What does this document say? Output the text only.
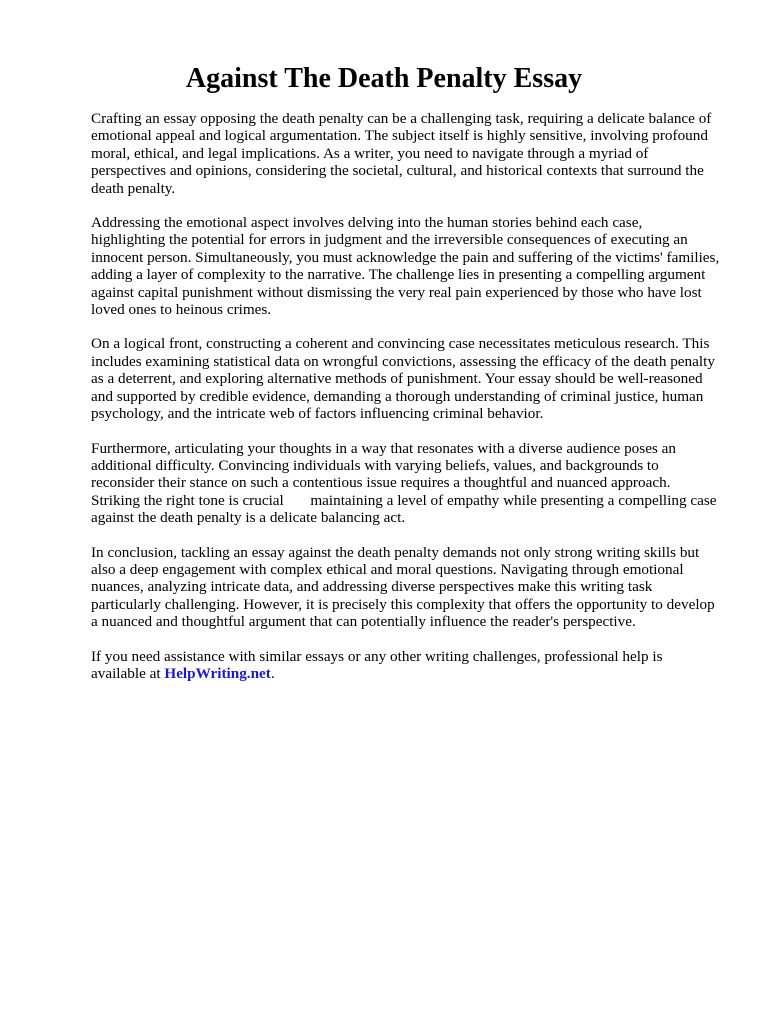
Against The Death Penalty Essay

Crafting an essay opposing the death penalty can be a challenging task, requiring a delicate balance of emotional appeal and logical argumentation. The subject itself is highly sensitive, involving profound moral, ethical, and legal implications. As a writer, you need to navigate through a myriad of perspectives and opinions, considering the societal, cultural, and historical contexts that surround the death penalty.

Addressing the emotional aspect involves delving into the human stories behind each case, highlighting the potential for errors in judgment and the irreversible consequences of executing an innocent person. Simultaneously, you must acknowledge the pain and suffering of the victims' families, adding a layer of complexity to the narrative. The challenge lies in presenting a compelling argument against capital punishment without dismissing the very real pain experienced by those who have lost loved ones to heinous crimes.

On a logical front, constructing a coherent and convincing case necessitates meticulous research. This includes examining statistical data on wrongful convictions, assessing the efficacy of the death penalty as a deterrent, and exploring alternative methods of punishment. Your essay should be well-reasoned and supported by credible evidence, demanding a thorough understanding of criminal justice, human psychology, and the intricate web of factors influencing criminal behavior.

Furthermore, articulating your thoughts in a way that resonates with a diverse audience poses an additional difficulty. Convincing individuals with varying beliefs, values, and backgrounds to reconsider their stance on such a contentious issue requires a thoughtful and nuanced approach. Striking the right tone is crucial       maintaining a level of empathy while presenting a compelling case against the death penalty is a delicate balancing act.

In conclusion, tackling an essay against the death penalty demands not only strong writing skills but also a deep engagement with complex ethical and moral questions. Navigating through emotional nuances, analyzing intricate data, and addressing diverse perspectives make this writing task particularly challenging. However, it is precisely this complexity that offers the opportunity to develop a nuanced and thoughtful argument that can potentially influence the reader's perspective.

If you need assistance with similar essays or any other writing challenges, professional help is available at HelpWriting.net.
